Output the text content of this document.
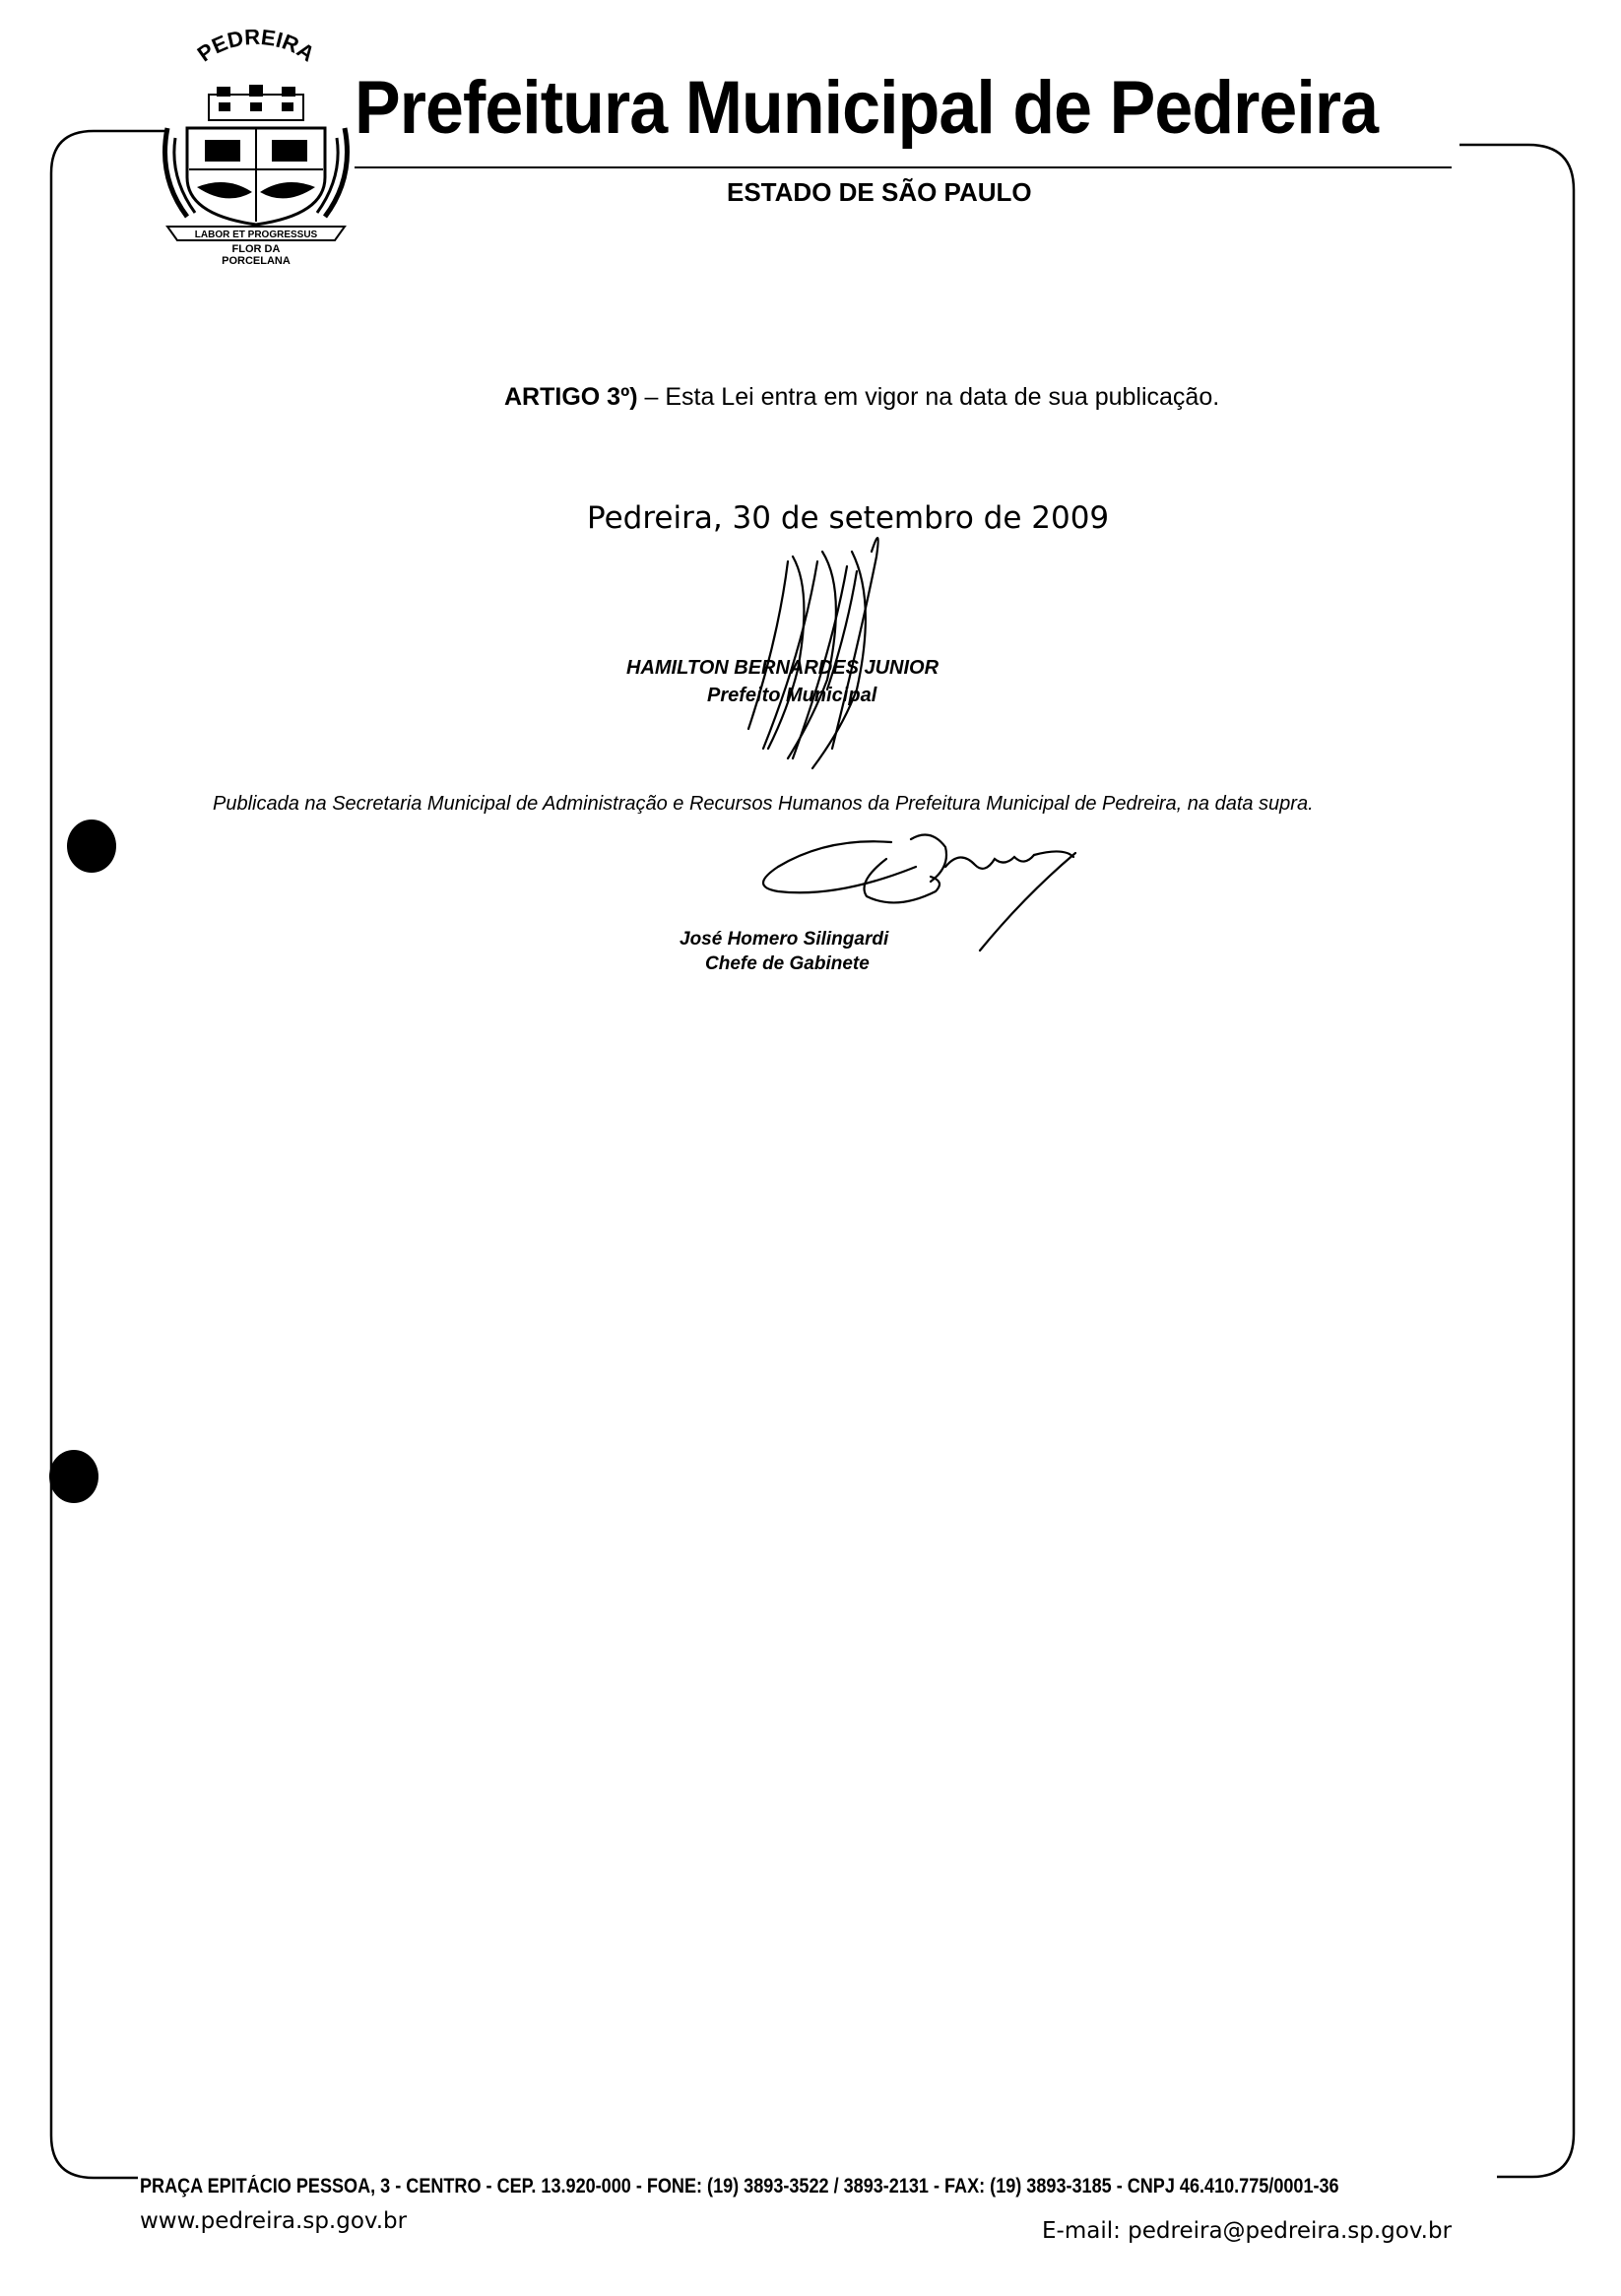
PEDREIRA
LABOR ET PROGRESSUS
FLOR DA
PORCELANA
Prefeitura Municipal de Pedreira
ESTADO DE SÃO PAULO
ARTIGO 3º) – Esta Lei entra em vigor na data de sua publicação.
Pedreira, 30 de setembro de 2009
HAMILTON BERNARDES JUNIOR
Prefeito Municipal
Publicada na Secretaria Municipal de Administração e Recursos Humanos da Prefeitura Municipal de Pedreira, na data supra.
José Homero Silingardi
Chefe de Gabinete
PRAÇA EPITÁCIO PESSOA, 3 - CENTRO - CEP. 13.920-000 - FONE: (19) 3893-3522 / 3893-2131 - FAX: (19) 3893-3185 - CNPJ 46.410.775/0001-36
www.pedreira.sp.gov.br	E-mail: pedreira@pedreira.sp.gov.br
